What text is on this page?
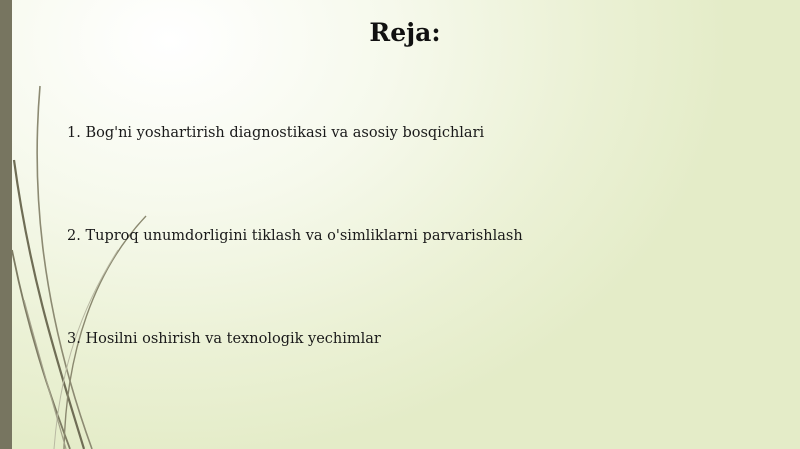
Reja:
1. Bog'ni yoshartirish diagnostikasi va asosiy bosqichlari
2. Tuproq unumdorligini tiklash va o'simliklarni parvarishlash
3. Hosilni oshirish va texnologik yechimlar
